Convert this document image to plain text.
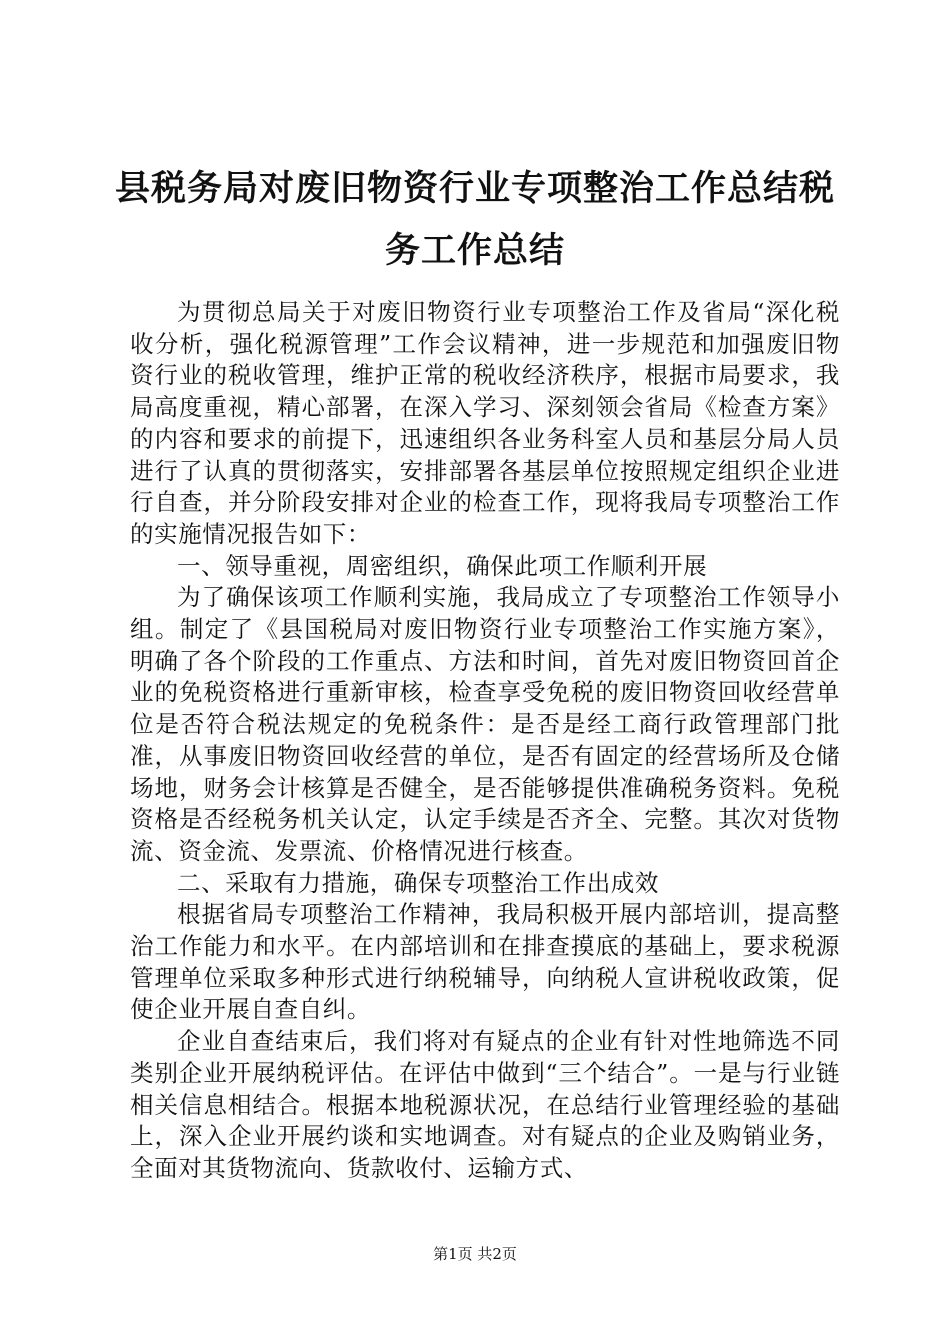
县税务局对废旧物资行业专项整治工作总结税务工作总结

为贯彻总局关于对废旧物资行业专项整治工作及省局“深化税收分析，强化税源管理”工作会议精神，进一步规范和加强废旧物资行业的税收管理，维护正常的税收经济秩序，根据市局要求，我局高度重视，精心部署，在深入学习、深刻领会省局《检查方案》的内容和要求的前提下，迅速组织各业务科室人员和基层分局人员进行了认真的贯彻落实，安排部署各基层单位按照规定组织企业进行自查，并分阶段安排对企业的检查工作，现将我局专项整治工作的实施情况报告如下：

一、领导重视，周密组织，确保此项工作顺利开展

为了确保该项工作顺利实施，我局成立了专项整治工作领导小组。制定了《县国税局对废旧物资行业专项整治工作实施方案》，明确了各个阶段的工作重点、方法和时间，首先对废旧物资回首企业的免税资格进行重新审核，检查享受免税的废旧物资回收经营单位是否符合税法规定的免税条件：是否是经工商行政管理部门批准，从事废旧物资回收经营的单位，是否有固定的经营场所及仓储场地，财务会计核算是否健全，是否能够提供准确税务资料。免税资格是否经税务机关认定，认定手续是否齐全、完整。其次对货物流、资金流、发票流、价格情况进行核查。

二、采取有力措施，确保专项整治工作出成效

根据省局专项整治工作精神，我局积极开展内部培训，提高整治工作能力和水平。在内部培训和在排查摸底的基础上，要求税源管理单位采取多种形式进行纳税辅导，向纳税人宣讲税收政策，促使企业开展自查自纠。

企业自查结束后，我们将对有疑点的企业有针对性地筛选不同类别企业开展纳税评估。在评估中做到“三个结合”。一是与行业链相关信息相结合。根据本地税源状况，在总结行业管理经验的基础上，深入企业开展约谈和实地调查。对有疑点的企业及购销业务，全面对其货物流向、货款收付、运输方式、

第1页 共2页
